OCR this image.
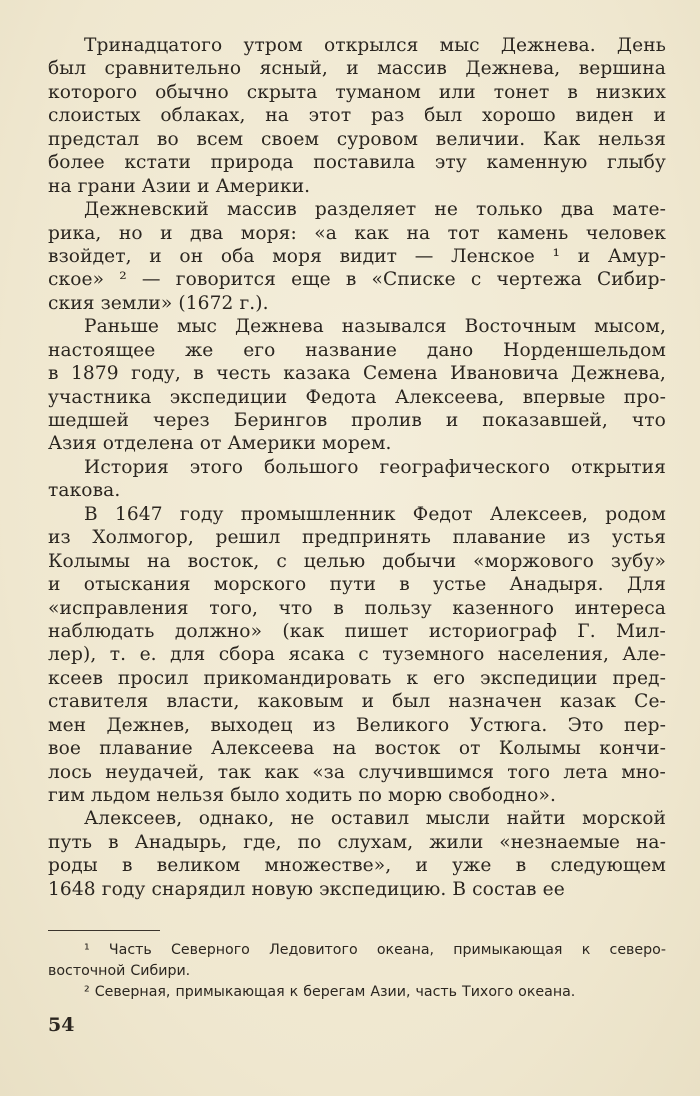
Тринадцатого утром открылся мыс Дежнева. День
был сравнительно ясный, и массив Дежнева, вершина
которого обычно скрыта туманом или тонет в низких
слоистых облаках, на этот раз был хорошо виден и
предстал во всем своем суровом величии. Как нельзя
более кстати природа поставила эту каменную глыбу
на грани Азии и Америки.
Дежневский массив разделяет не только два мате-
рика, но и два моря: «а как на тот камень человек
взойдет, и он оба моря видит — Ленское ¹ и Амур-
ское» ² — говорится еще в «Списке с чертежа Сибир-
ския земли» (1672 г.).
Раньше мыс Дежнева назывался Восточным мысом,
настоящее же его название дано Норденшельдом
в 1879 году, в честь казака Семена Ивановича Дежнева,
участника экспедиции Федота Алексеева, впервые про-
шедшей через Берингов пролив и показавшей, что
Азия отделена от Америки морем.
История этого большого географического открытия
такова.
В 1647 году промышленник Федот Алексеев, родом
из Холмогор, решил предпринять плавание из устья
Колымы на восток, с целью добычи «моржового зубу»
и отыскания морского пути в устье Анадыря. Для
«исправления того, что в пользу казенного интереса
наблюдать должно» (как пишет историограф Г. Мил-
лер), т. е. для сбора ясака с туземного населения, Але-
ксеев просил прикомандировать к его экспедиции пред-
ставителя власти, каковым и был назначен казак Се-
мен Дежнев, выходец из Великого Устюга. Это пер-
вое плавание Алексеева на восток от Колымы кончи-
лось неудачей, так как «за случившимся того лета мно-
гим льдом нельзя было ходить по морю свободно».
Алексеев, однако, не оставил мысли найти морской
путь в Анадырь, где, по слухам, жили «незнаемые на-
роды в великом множестве», и уже в следующем
1648 году снарядил новую экспедицию. В состав ее
¹ Часть Северного Ледовитого океана, примыкающая к северо-
восточной Сибири.
² Северная, примыкающая к берегам Азии, часть Тихого океана.
54
